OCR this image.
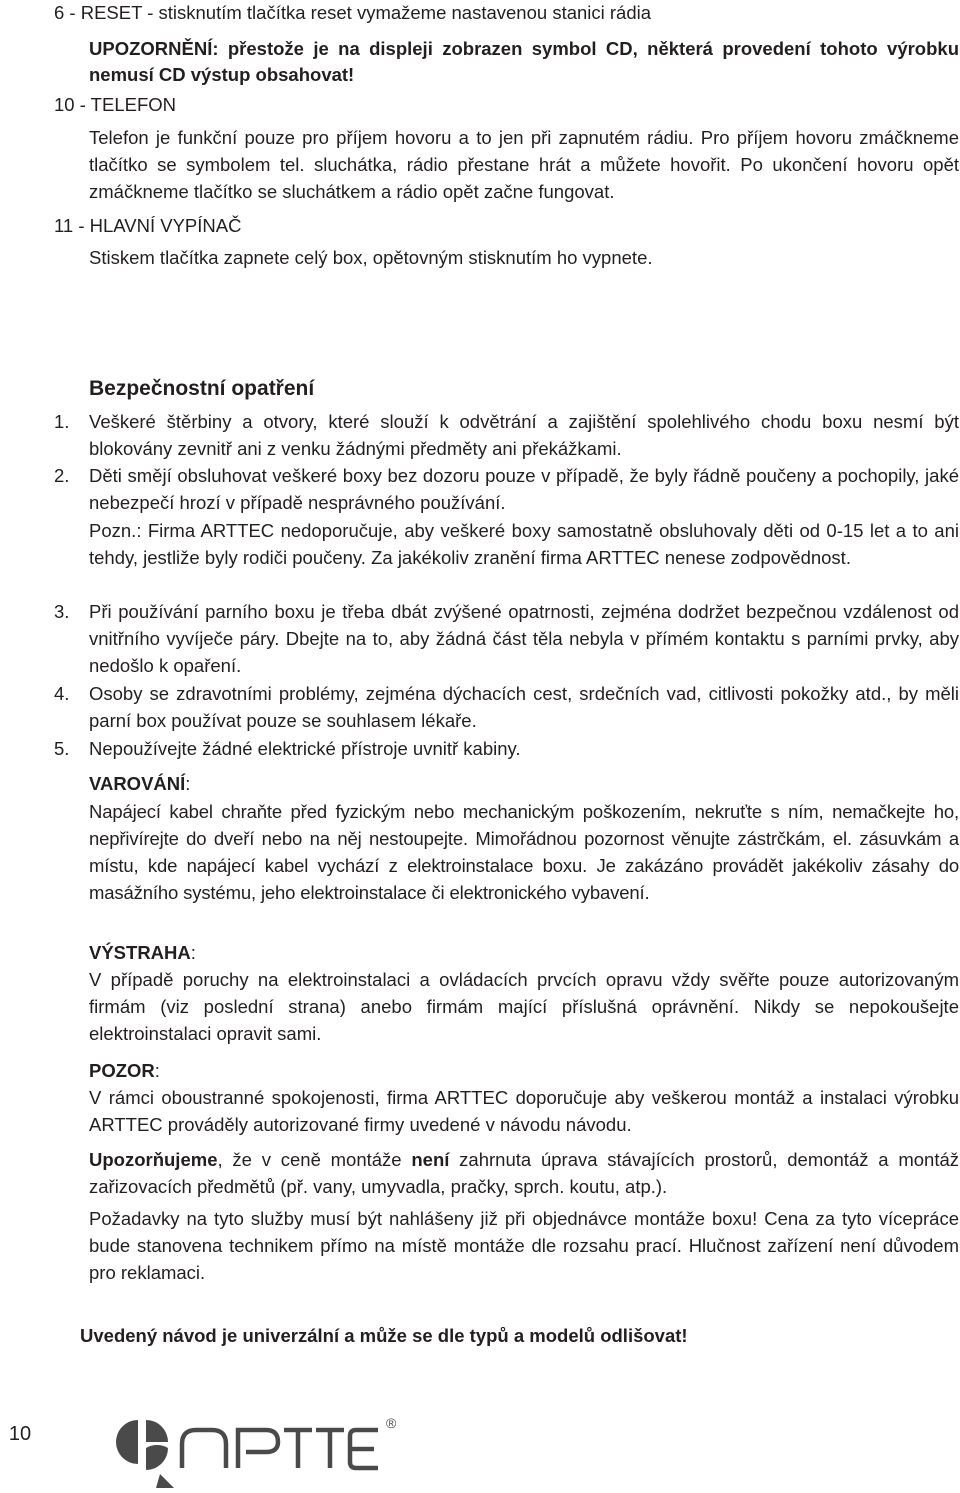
6 - RESET - stisknutím tlačítka reset vymažeme nastavenou stanici rádia

UPOZORNĚNÍ: přestože je na displeji zobrazen symbol CD, některá provedení tohoto výrobku nemusí CD výstup obsahovat!

10 - TELEFON

Telefon je funkční pouze pro příjem hovoru a to jen při zapnutém rádiu. Pro příjem hovoru zmáčkneme tlačítko se symbolem tel. sluchátka, rádio přestane hrát a můžete hovořit. Po ukončení hovoru opět zmáčkneme tlačítko se sluchátkem a rádio opět začne fungovat.

11 - HLAVNÍ VYPÍNAČ

Stiskem tlačítka zapnete celý box, opětovným stisknutím ho vypnete.

Bezpečnostní opatření
1. Veškeré štěrbiny a otvory, které slouží k odvětrání a zajištění spolehlivého chodu boxu nesmí být blokovány zevnitř ani z venku žádnými předměty ani překážkami.

2. Děti smějí obsluhovat veškeré boxy bez dozoru pouze v případě, že byly řádně poučeny a pochopily, jaké nebezpečí hrozí v případě nesprávného používání.

Pozn.: Firma ARTTEC nedoporučuje, aby veškeré boxy samostatně obsluhovaly děti od 0-15 let a to ani tehdy, jestliže byly rodiči poučeny. Za jakékoliv zranění firma ARTTEC nenese zodpovědnost.

3. Při používání parního boxu je třeba dbát zvýšené opatrnosti, zejména dodržet bezpečnou vzdálenost od vnitřního vyvíječe páry. Dbejte na to, aby žádná část těla nebyla v přímém kontaktu s parními prvky, aby nedošlo k opaření.

4. Osoby se zdravotními problémy, zejména dýchacích cest, srdečních vad, citlivosti pokožky atd., by měli parní box používat pouze se souhlasem lékaře.

5. Nepoužívejte žádné elektrické přístroje uvnitř kabiny.

VAROVÁNÍ:

Napájecí kabel chraňte před fyzickým nebo mechanickým poškozením, nekruťte s ním, nemačkejte ho, nepřivírejte do dveří nebo na něj nestoupejte. Mimořádnou pozornost věnujte zástrčkám, el. zásuvkám a místu, kde napájecí kabel vychází z elektroinstalace boxu. Je zakázáno provádět jakékoliv zásahy do masážního systému, jeho elektroinstalace či elektronického vybavení.

VÝSTRAHA:

V případě poruchy na elektroinstalaci a ovládacích prvcích opravu vždy svěřte pouze autorizovaným firmám (viz poslední strana) anebo firmám mající příslušná oprávnění. Nikdy se nepokoušejte elektroinstalaci opravit sami.

POZOR:

V rámci oboustranné spokojenosti, firma ARTTEC doporučuje aby veškerou montáž a instalaci výrobku ARTTEC prováděly autorizované firmy uvedené v návodu návodu.

Upozorňujeme, že v ceně montáže není zahrnuta úprava stávajících prostorů, demontáž a montáž zařizovacích předmětů (př. vany, umyvadla, pračky, sprch. koutu, atp.).

Požadavky na tyto služby musí být nahlášeny již při objednávce montáže boxu! Cena za tyto vícepráce bude stanovena technikem přímo na místě montáže dle rozsahu prací. Hlučnost zařízení není důvodem pro reklamaci.

Uvedený návod je univerzální a může se dle typů a modelů odlišovat!

10	®
